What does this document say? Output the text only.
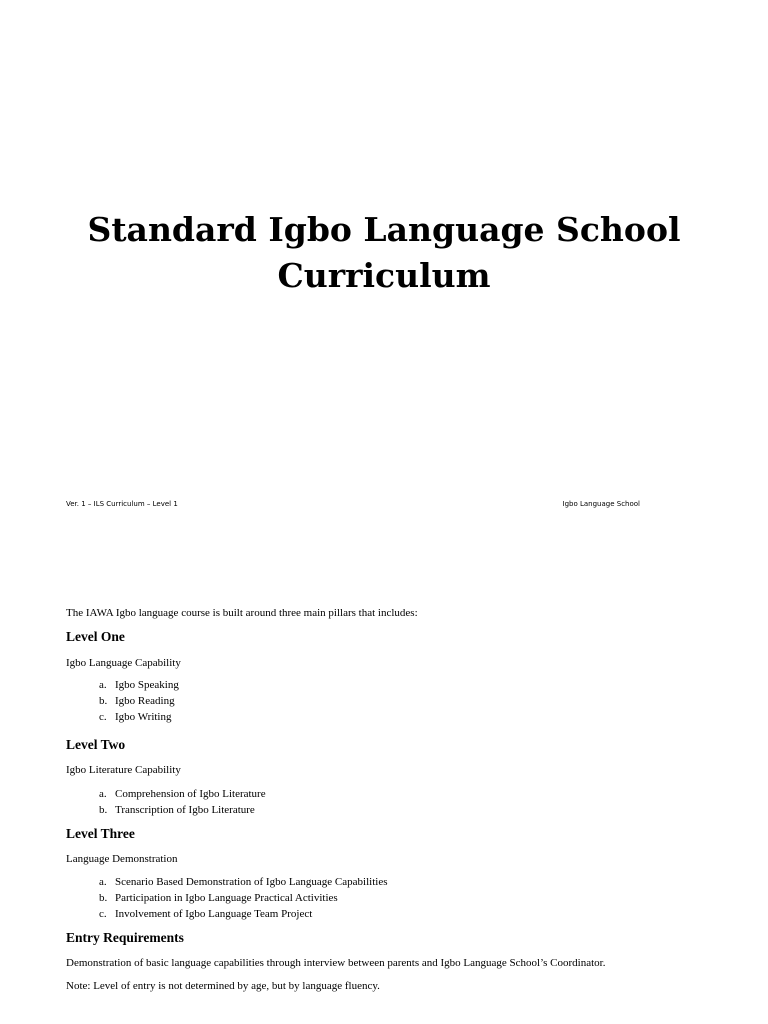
Standard Igbo Language School Curriculum
Ver. 1 – ILS Curriculum – Level 1	Igbo Language School

The IAWA Igbo language course is built around three main pillars that includes:

Level One

Igbo Language Capability

a. Igbo Speaking
b. Igbo Reading
c. Igbo Writing
Level Two

Igbo Literature Capability

a. Comprehension of Igbo Literature
b. Transcription of Igbo Literature
Level Three

Language Demonstration

a. Scenario Based Demonstration of Igbo Language Capabilities
b. Participation in Igbo Language Practical Activities
c. Involvement of Igbo Language Team Project
Entry Requirements

Demonstration of basic language capabilities through interview between parents and Igbo Language School’s Coordinator.

Note: Level of entry is not determined by age, but by language fluency.
